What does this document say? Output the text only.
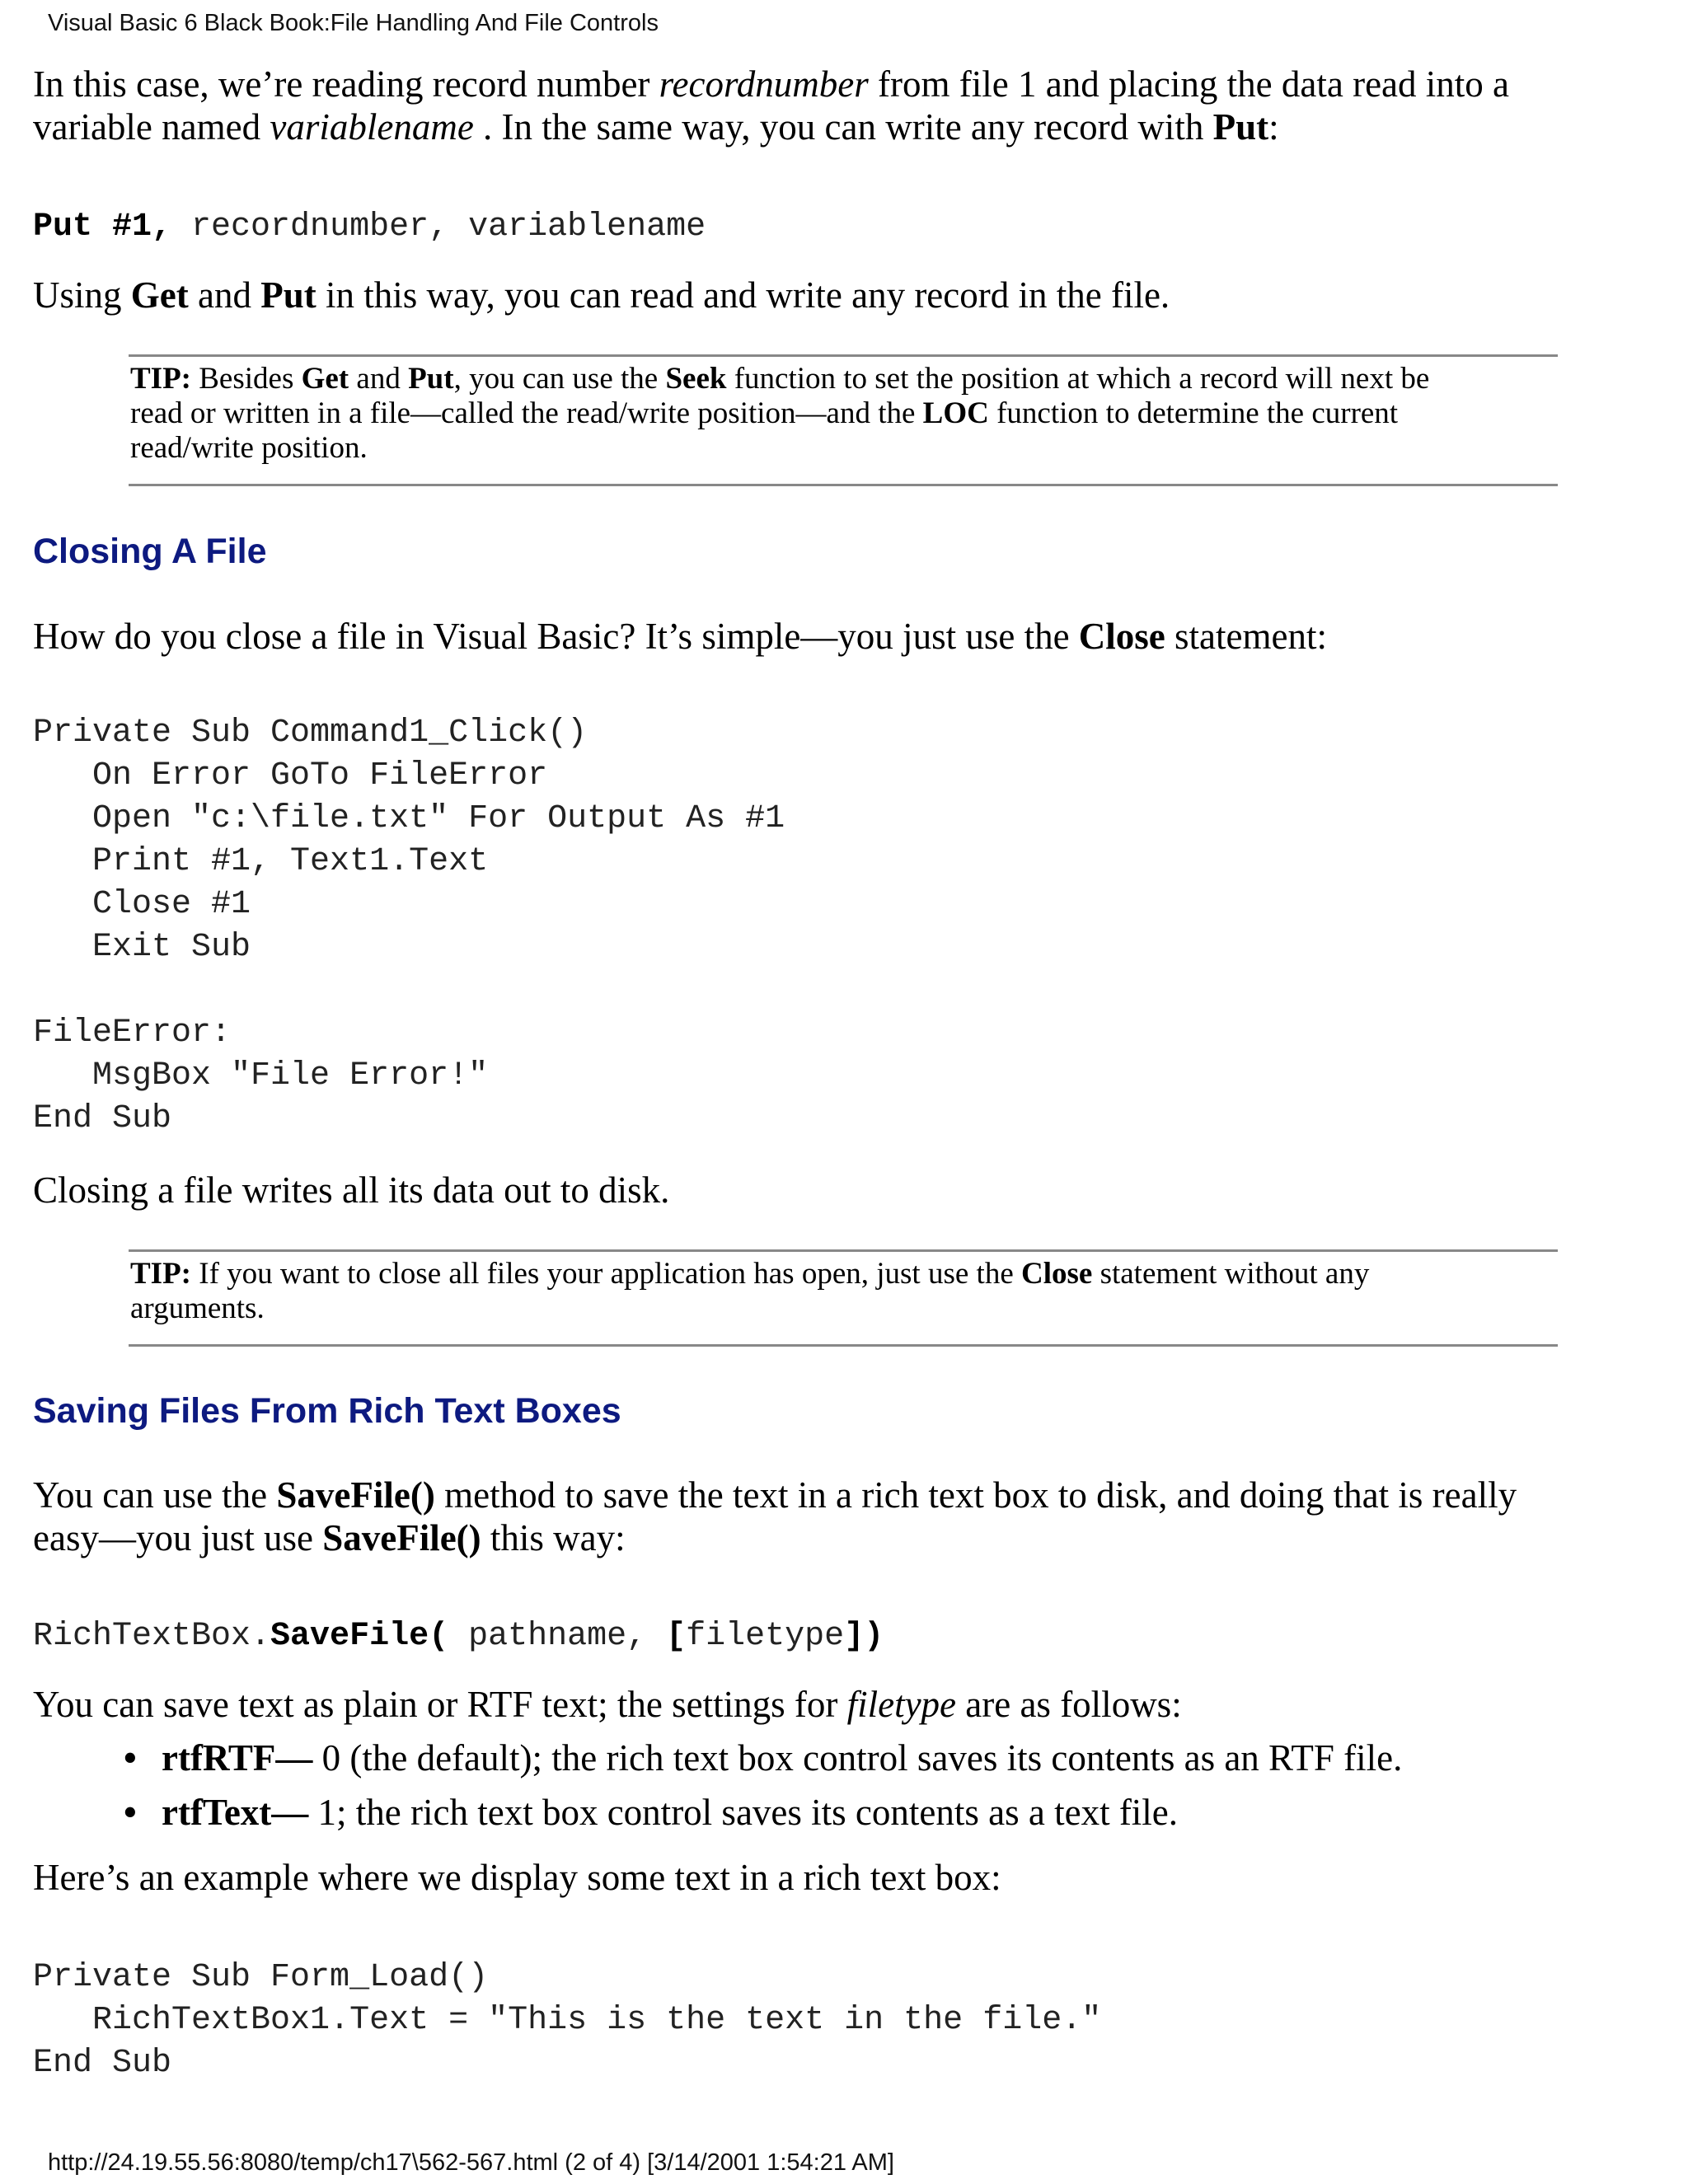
Visual Basic 6 Black Book:File Handling And File Controls

In this case, we’re reading record number recordnumber from file 1 and placing the data read into a
variable named variablename . In the same way, you can write any record with Put:

Put #1, recordnumber, variablename

Using Get and Put in this way, you can read and write any record in the file.

TIP: Besides Get and Put, you can use the Seek function to set the position at which a record will next be
read or written in a file—called the read/write position—and the LOC function to determine the current
read/write position.
Closing A File

How do you close a file in Visual Basic? It’s simple—you just use the Close statement:

Private Sub Command1_Click()
On Error GoTo FileError
Open "c:\file.txt" For Output As #1
Print #1, Text1.Text
Close #1
Exit Sub

FileError:
MsgBox "File Error!"
End Sub

Closing a file writes all its data out to disk.

TIP: If you want to close all files your application has open, just use the Close statement without any
arguments.
Saving Files From Rich Text Boxes

You can use the SaveFile() method to save the text in a rich text box to disk, and doing that is really
easy—you just use SaveFile() this way:

RichTextBox.SaveFile( pathname, [filetype])

You can save text as plain or RTF text; the settings for filetype are as follows:

• rtfRTF— 0 (the default); the rich text box control saves its contents as an RTF file.
• rtfText— 1; the rich text box control saves its contents as a text file.

Here’s an example where we display some text in a rich text box:

Private Sub Form_Load()
RichTextBox1.Text = "This is the text in the file."
End Sub
http://24.19.55.56:8080/temp/ch17\562-567.html (2 of 4) [3/14/2001 1:54:21 AM]
